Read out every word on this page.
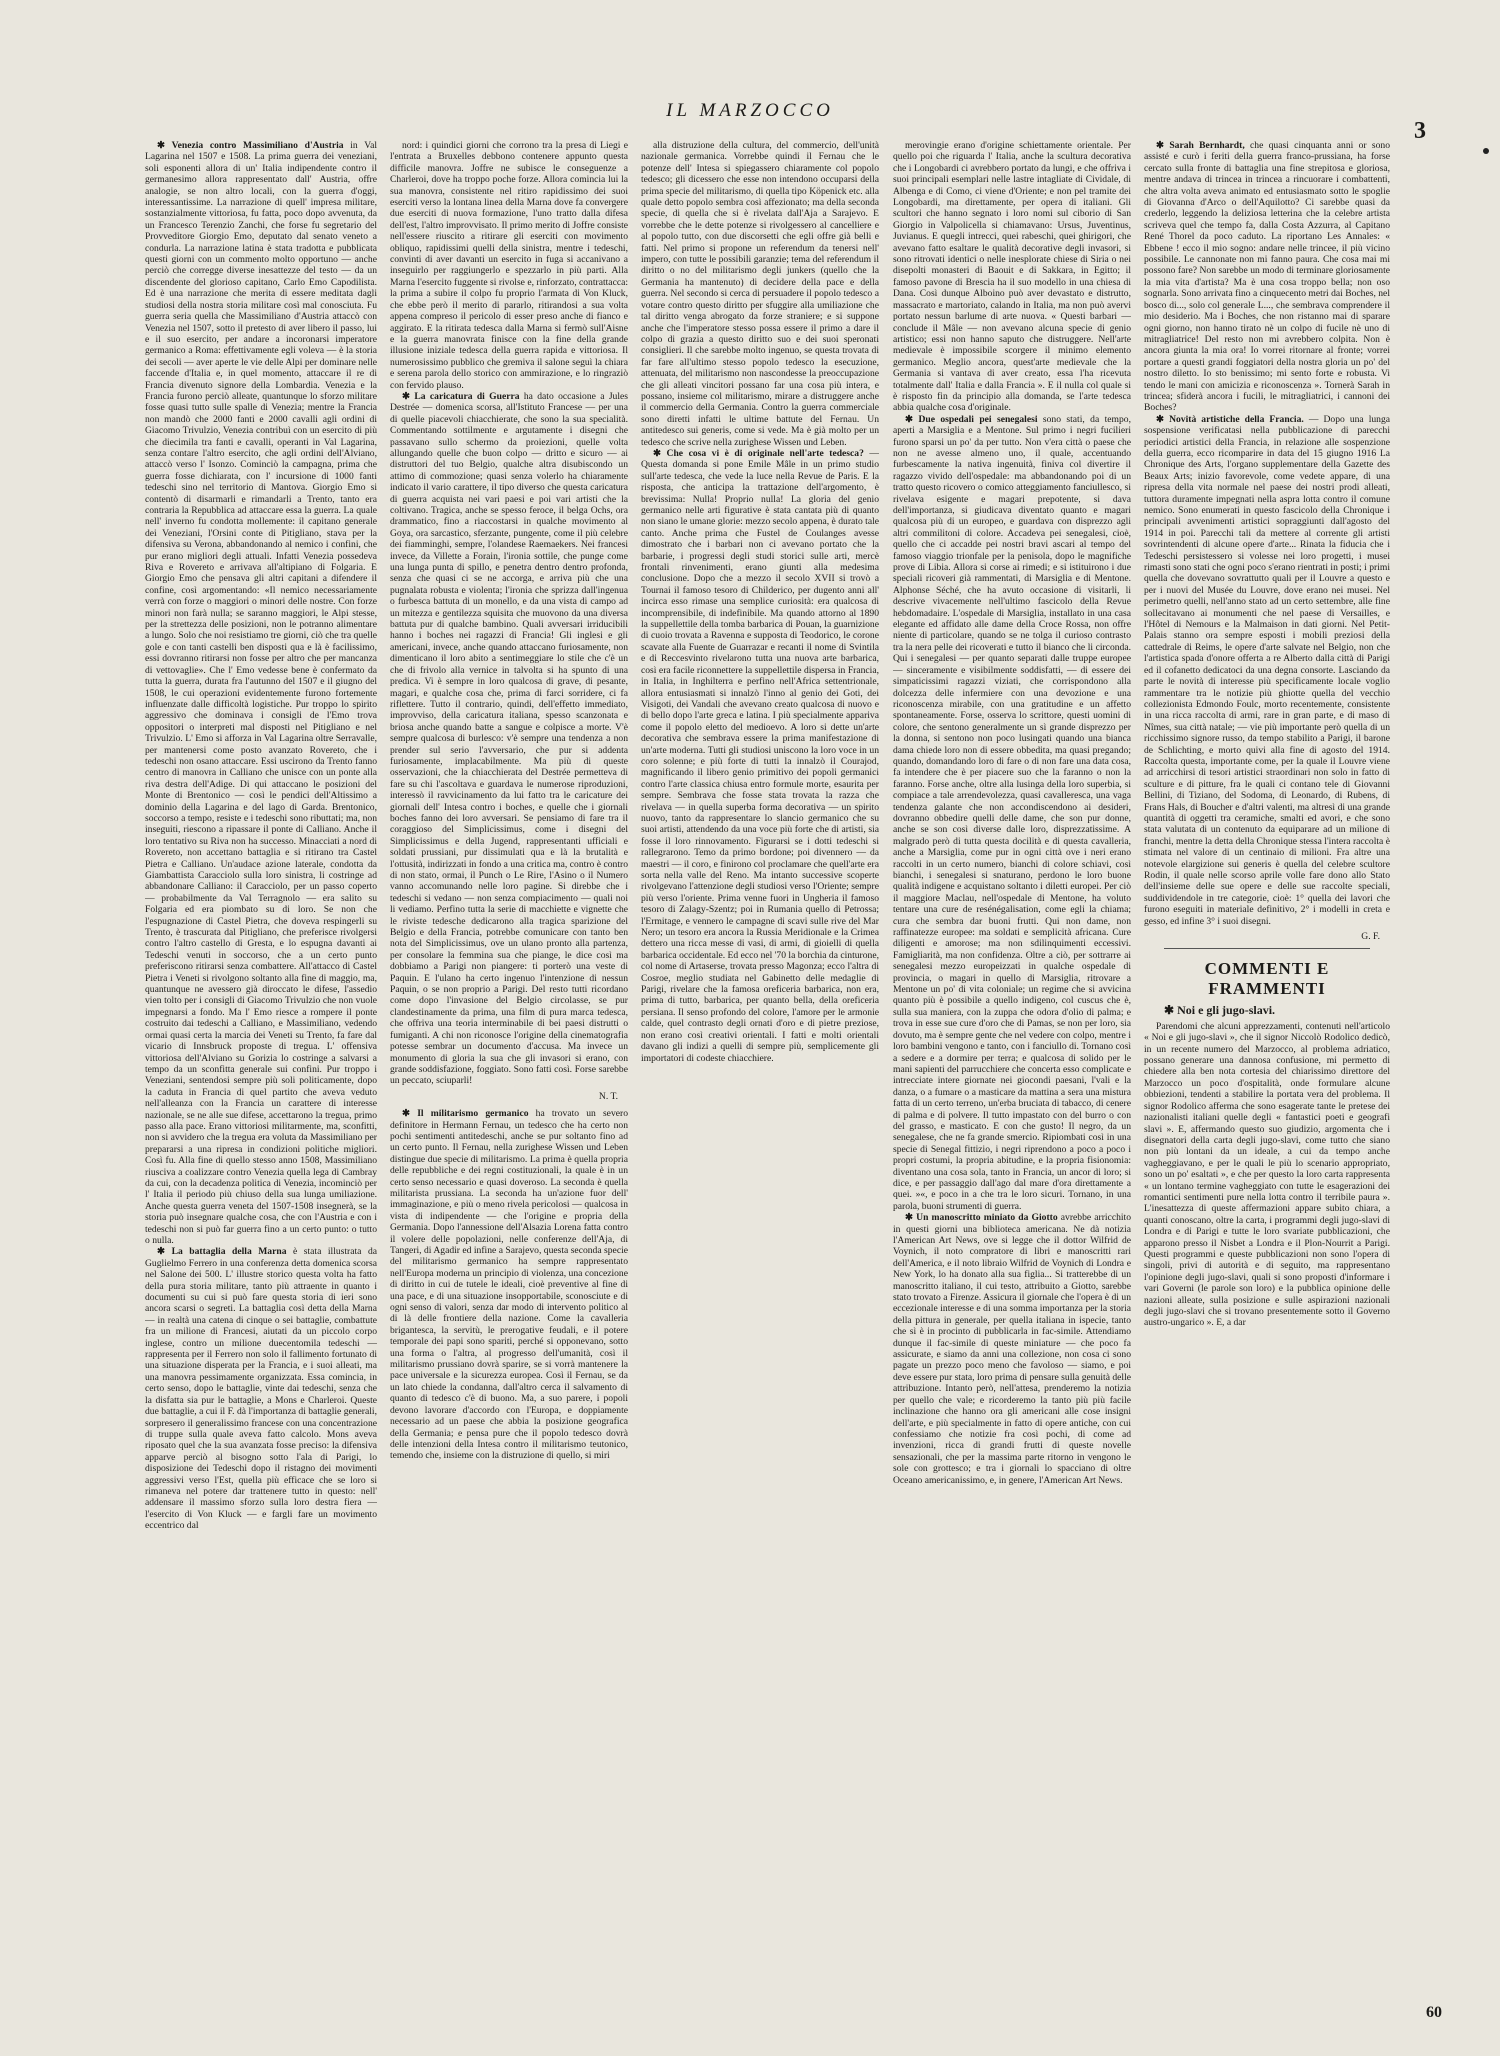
IL MARZOCCO
3

✱ Venezia contro Massimiliano d'Austria in Val Lagarina nel 1507 e 1508. La prima guerra dei veneziani, soli esponenti allora di un' Italia indipendente contro il germanesimo allora rappresentato dall' Austria, offre analogie, se non altro locali, con la guerra d'oggi, interessantissime. La narrazione di quell' impresa militare, sostanzialmente vittoriosa, fu fatta, poco dopo avvenuta, da un Francesco Terenzio Zanchi, che forse fu segretario del Provveditore Giorgio Emo, deputato dal senato veneto a condurla. La narrazione latina è stata tradotta e pubblicata questi giorni con un commento molto opportuno — anche perciò che corregge diverse inesattezze del testo — da un discendente del glorioso capitano, Carlo Emo Capodilista. Ed è una narrazione che merita di essere meditata dagli studiosi della nostra storia militare così mal conosciuta. Fu guerra seria quella che Massimiliano d'Austria attaccò con Venezia nel 1507, sotto il pretesto di aver libero il passo, lui e il suo esercito, per andare a incoronarsi imperatore germanico a Roma: effettivamente egli voleva — è la storia dei secoli — aver aperte le vie delle Alpi per dominare nelle faccende d'Italia e, in quel momento, attaccare il re di Francia divenuto signore della Lombardia. Venezia e la Francia furono perciò alleate, quantunque lo sforzo militare fosse quasi tutto sulle spalle di Venezia; mentre la Francia non mandò che 2000 fanti e 2000 cavalli agli ordini di Giacomo Trivulzio, Venezia contribuì con un esercito di più che diecimila tra fanti e cavalli, operanti in Val Lagarina, senza contare l'altro esercito, che agli ordini dell'Alviano, attaccò verso l' Isonzo. Cominciò la campagna, prima che guerra fosse dichiarata, con l' incursione di 1000 fanti tedeschi sino nel territorio di Mantova. Giorgio Emo si contentò di disarmarli e rimandarli a Trento, tanto era contraria la Repubblica ad attaccare essa la guerra. La quale nell' inverno fu condotta mollemente: il capitano generale dei Veneziani, l'Orsini conte di Pitigliano, stava per la difensiva su Verona, abbandonando al nemico i confini, che pur erano migliori degli attuali. Infatti Venezia possedeva Riva e Rovereto e arrivava all'altipiano di Folgaria. E Giorgio Emo che pensava gli altri capitani a difendere il confine, così argomentando: «Il nemico necessariamente verrà con forze o maggiori o minori delle nostre. Con forze minori non farà nulla; se saranno maggiori, le Alpi stesse, per la strettezza delle posizioni, non le potranno alimentare a lungo. Solo che noi resistiamo tre giorni, ciò che tra quelle gole e con tanti castelli ben disposti qua e là è facilissimo, essi dovranno ritirarsi non fosse per altro che per mancanza di vettovaglie». Che l' Emo vedesse bene è confermato da tutta la guerra, durata fra l'autunno del 1507 e il giugno del 1508, le cui operazioni evidentemente furono fortemente influenzate dalle difficoltà logistiche. Pur troppo lo spirito aggressivo che dominava i consigli de l'Emo trova oppositori o interpreti mal disposti nel Pitigliano e nel Trivulzio. L' Emo si afforza in Val Lagarina oltre Serravalle, per mantenersi come posto avanzato Rovereto, che i tedeschi non osano attaccare. Essi uscirono da Trento fanno centro di manovra in Calliano che unisce con un ponte alla riva destra dell'Adige. Di qui attaccano le posizioni del Monte di Brentonico — così le pendici dell'Altissimo a dominio della Lagarina e del lago di Garda. Brentonico, soccorso a tempo, resiste e i tedeschi sono ributtati; ma, non inseguiti, riescono a ripassare il ponte di Calliano. Anche il loro tentativo su Riva non ha successo. Minacciati a nord di Rovereto, non accettano battaglia e si ritirano tra Castel Pietra e Calliano. Un'audace azione laterale, condotta da Giambattista Caracciolo sulla loro sinistra, li costringe ad abbandonare Calliano: il Caracciolo, per un passo coperto — probabilmente da Val Terragnolo — era salito su Folgaria ed era piombato su di loro. Se non che l'espugnazione di Castel Pietra, che doveva respingerli su Trento, è trascurata dal Pitigliano, che preferisce rivolgersi contro l'altro castello di Gresta, e lo espugna davanti ai Tedeschi venuti in soccorso, che a un certo punto preferiscono ritirarsi senza combattere. All'attacco di Castel Pietra i Veneti si rivolgono soltanto alla fine di maggio, ma, quantunque ne avessero già diroccato le difese, l'assedio vien tolto per i consigli di Giacomo Trivulzio che non vuole impegnarsi a fondo. Ma l' Emo riesce a rompere il ponte costruito dai tedeschi a Calliano, e Massimiliano, vedendo ormai quasi certa la marcia dei Veneti su Trento, fa fare dal vicario di Innsbruck proposte di tregua. L' offensiva vittoriosa dell'Alviano su Gorizia lo costringe a salvarsi a tempo da un sconfitta generale sui confini. Pur troppo i Veneziani, sentendosi sempre più soli politicamente, dopo la caduta in Francia di quel partito che aveva veduto nell'alleanza con la Francia un carattere di interesse nazionale, se ne alle sue difese, accettarono la tregua, primo passo alla pace. Erano vittoriosi militarmente, ma, sconfitti, non si avvidero che la tregua era voluta da Massimiliano per prepararsi a una ripresa in condizioni politiche migliori. Così fu. Alla fine di quello stesso anno 1508, Massimiliano riusciva a coalizzare contro Venezia quella lega di Cambray da cui, con la decadenza politica di Venezia, incominciò per l' Italia il periodo più chiuso della sua lunga umiliazione. Anche questa guerra veneta del 1507-1508 insegnerà, se la storia può insegnare qualche cosa, che con l'Austria e con i tedeschi non si può far guerra fino a un certo punto: o tutto o nulla.

✱ La battaglia della Marna è stata illustrata da Guglielmo Ferrero in una conferenza detta domenica scorsa nel Salone dei 500. L' illustre storico questa volta ha fatto della pura storia militare, tanto più attraente in quanto i documenti su cui si può fare questa storia di ieri sono ancora scarsi o segreti. La battaglia così detta della Marna — in realtà una catena di cinque o sei battaglie, combattute fra un milione di Francesi, aiutati da un piccolo corpo inglese, contro un milione duecentomila tedeschi — rappresenta per il Ferrero non solo il fallimento fortunato di una situazione disperata per la Francia, e i suoi alleati, ma una manovra pessimamente organizzata. Essa comincia, in certo senso, dopo le battaglie, vinte dai tedeschi, senza che la disfatta sia pur le battaglie, a Mons e Charleroi. Queste due battaglie, a cui il F. dà l'importanza di battaglie generali, sorpresero il generalissimo francese con una concentrazione di truppe sulla quale aveva fatto calcolo. Mons aveva riposato quel che la sua avanzata fosse preciso: la difensiva apparve perciò al bisogno sotto l'ala di Parigi, lo disposizione dei Tedeschi dopo il ristagno dei movimenti aggressivi verso l'Est, quella più efficace che se loro si rimaneva nel potere dar trattenere tutto in questo: nell' addensare il massimo sforzo sulla loro destra fiera — l'esercito di Von Kluck — e fargli fare un movimento eccentrico dal

nord: i quindici giorni che corrono tra la presa di Liegi e l'entrata a Bruxelles debbono contenere appunto questa difficile manovra. Joffre ne subisce le conseguenze a Charleroi, dove ha troppo poche forze. Allora comincia lui la sua manovra, consistente nel ritiro rapidissimo dei suoi eserciti verso la lontana linea della Marna dove fa convergere due eserciti di nuova formazione, l'uno tratto dalla difesa dell'est, l'altro improvvisato. Il primo merito di Joffre consiste nell'essere riuscito a ritirare gli eserciti con movimento obliquo, rapidissimi quelli della sinistra, mentre i tedeschi, convinti di aver davanti un esercito in fuga si accanivano a inseguirlo per raggiungerlo e spezzarlo in più parti. Alla Marna l'esercito fuggente si rivolse e, rinforzato, contrattacca: la prima a subire il colpo fu proprio l'armata di Von Kluck, che ebbe però il merito di pararlo, ritirandosi a sua volta appena compreso il pericolo di esser preso anche di fianco e aggirato. E la ritirata tedesca dalla Marna si fermò sull'Aisne e la guerra manovrata finisce con la fine della grande illusione iniziale tedesca della guerra rapida e vittoriosa. Il numerosissimo pubblico che gremiva il salone seguì la chiara e serena parola dello storico con ammirazione, e lo ringraziò con fervido plauso.

✱ La caricatura di Guerra ha dato occasione a Jules Destrée — domenica scorsa, all'Istituto Francese — per una di quelle piacevoli chiacchierate, che sono la sua specialità. Commentando sottilmente e argutamente i disegni che passavano sullo schermo da proiezioni, quelle volta allungando quelle che buon colpo — dritto e sicuro — ai distruttori del tuo Belgio, qualche altra disubiscondo un attimo di commozione; quasi senza volerlo ha chiaramente indicato il vario carattere, il tipo diverso che questa caricatura di guerra acquista nei vari paesi e poi vari artisti che la coltivano. Tragica, anche se spesso feroce, il belga Ochs, ora drammatico, fino a riaccostarsi in qualche movimento al Goya, ora sarcastico, sferzante, pungente, come il più celebre dei fiamminghi, sempre, l'olandese Raemaekers. Nei francesi invece, da Villette a Forain, l'ironia sottile, che punge come una lunga punta di spillo, e penetra dentro dentro profonda, senza che quasi ci se ne accorga, e arriva più che una pugnalata robusta e violenta; l'ironia che sprizza dall'ingenua o furbesca battuta di un monello, e da una vista di campo ad un mitezza e gentilezza squisita che muovono da una diversa battuta pur di qualche bambino. Quali avversari irriducibili hanno i boches nei ragazzi di Francia! Gli inglesi e gli americani, invece, anche quando attaccano furiosamente, non dimenticano il loro abito a sentimeggiare lo stile che c'è un che di frivolo alla vernice in talvolta si ha spunto di una predica. Vi è sempre in loro qualcosa di grave, di pesante, magari, e qualche cosa che, prima di farci sorridere, ci fa riflettere. Tutto il contrario, quindi, dell'effetto immediato, improvviso, della caricatura italiana, spesso scanzonata e briosa anche quando batte a sangue e colpisce a morte. V'è sempre qualcosa di burlesco: v'è sempre una tendenza a non prender sul serio l'avversario, che pur si addenta furiosamente, implacabilmente. Ma più di queste osservazioni, che la chiacchierata del Destrée permetteva di fare su chi l'ascoltava e guardava le numerose riproduzioni, interessò il ravvicinamento da lui fatto tra le caricature dei giornali dell' Intesa contro i boches, e quelle che i giornali boches fanno dei loro avversari. Se pensiamo di fare tra il coraggioso del Simplicissimus, come i disegni del Simplicissimus e della Jugend, rappresentanti ufficiali e soldati prussiani, pur dissimulati qua e là la brutalità e l'ottusità, indirizzati in fondo a una critica ma, contro è contro di non stato, ormai, il Punch o Le Rire, l'Asino o il Numero vanno accomunando nelle loro pagine. Si direbbe che i tedeschi si vedano — non senza compiacimento — quali noi li vediamo. Perfino tutta la serie di macchiette e vignette che le riviste tedesche dedicarono alla tragica sparizione del Belgio e della Francia, potrebbe comunicare con tanto ben nota del Simplicissimus, ove un ulano pronto alla partenza, per consolare la femmina sua che piange, le dice così ma dobbiamo a Parigi non piangere: ti porterò una veste di Paquin. E l'ulano ha certo ingenuo l'intenzione di nessun Paquin, o se non proprio a Parigi. Del resto tutti ricordano come dopo l'invasione del Belgio circolasse, se pur clandestinamente da prima, una film di pura marca tedesca, che offriva una teoria interminabile di bei paesi distrutti o fumiganti. A chi non riconosce l'origine della cinematografia potesse sembrar un documento d'accusa. Ma invece un monumento di gloria la sua che gli invasori si erano, con grande soddisfazione, foggiato. Sono fatti così. Forse sarebbe un peccato, sciuparli!

N. T.

✱ Il militarismo germanico ha trovato un severo definitore in Hermann Fernau, un tedesco che ha certo non pochi sentimenti antitedeschi, anche se pur soltanto fino ad un certo punto. Il Fernau, nella zurighese Wissen und Leben distingue due specie di militarismo. La prima è quella propria delle repubbliche e dei regni costituzionali, la quale è in un certo senso necessario e quasi doveroso. La seconda è quella militarista prussiana. La seconda ha un'azione fuor dell' immaginazione, e più o meno rivela pericolosi — qualcosa in vista di indipendente — che l'origine e propria della Germania. Dopo l'annessione dell'Alsazia Lorena fatta contro il volere delle popolazioni, nelle conferenze dell'Aja, di Tangeri, di Agadir ed infine a Sarajevo, questa seconda specie del militarismo germanico ha sempre rappresentato nell'Europa moderna un principio di violenza, una concezione di diritto in cui de tutele le ideali, cioè preventive al fine di una pace, e di una situazione insopportabile, sconosciute e di ogni senso di valori, senza dar modo di intervento politico al di là delle frontiere della nazione. Come la cavalleria brigantesca, la servitù, le prerogative feudali, e il potere temporale dei papi sono spariti, perché si opponevano, sotto una forma o l'altra, al progresso dell'umanità, così il militarismo prussiano dovrà sparire, se si vorrà mantenere la pace universale e la sicurezza europea. Così il Fernau, se da un lato chiede la condanna, dall'altro cerca il salvamento di quanto di tedesco c'è di buono. Ma, a suo parere, i popoli devono lavorare d'accordo con l'Europa, e doppiamente necessario ad un paese che abbia la posizione geografica della Germania; e pensa pure che il popolo tedesco dovrà delle intenzioni della Intesa contro il militarismo teutonico, temendo che, insieme con la distruzione di quello, si miri

alla distruzione della cultura, del commercio, dell'unità nazionale germanica. Vorrebbe quindi il Fernau che le potenze dell' Intesa si spiegassero chiaramente col popolo tedesco; gli dicessero che esse non intendono occuparsi della prima specie del militarismo, di quella tipo Köpenick etc. alla quale detto popolo sembra così affezionato; ma della seconda specie, di quella che si è rivelata dall'Aja a Sarajevo. E vorrebbe che le dette potenze si rivolgessero al cancelliere e al popolo tutto, con due discorsetti che egli offre già belli e fatti. Nel primo si propone un referendum da tenersi nell' impero, con tutte le possibili garanzie; tema del referendum il diritto o no del militarismo degli junkers (quello che la Germania ha mantenuto) di decidere della pace e della guerra. Nel secondo si cerca di persuadere il popolo tedesco a votare contro questo diritto per sfuggire alla umiliazione che tal diritto venga abrogato da forze straniere; e si suppone anche che l'imperatore stesso possa essere il primo a dare il colpo di grazia a questo diritto suo e dei suoi speronati consiglieri. Il che sarebbe molto ingenuo, se questa trovata di far fare all'ultimo stesso popolo tedesco la esecuzione, attenuata, del militarismo non nascondesse la preoccupazione che gli alleati vincitori possano far una cosa più intera, e possano, insieme col militarismo, mirare a distruggere anche il commercio della Germania. Contro la guerra commerciale sono diretti infatti le ultime battute del Fernau. Un antitedesco sui generis, come si vede. Ma è già molto per un tedesco che scrive nella zurighese Wissen und Leben.

✱ Che cosa vi è di originale nell'arte tedesca? — Questa domanda si pone Emile Mâle in un primo studio sull'arte tedesca, che vede la luce nella Revue de Paris. E la risposta, che anticipa la trattazione dell'argomento, è brevissima: Nulla! Proprio nulla! La gloria del genio germanico nelle arti figurative è stata cantata più di quanto non siano le umane glorie: mezzo secolo appena, è durato tale canto. Anche prima che Fustel de Coulanges avesse dimostrato che i barbari non ci avevano portato che la barbarie, i progressi degli studi storici sulle arti, mercè frontali rinvenimenti, erano giunti alla medesima conclusione. Dopo che a mezzo il secolo XVII si trovò a Tournai il famoso tesoro di Childerico, per dugento anni all' incirca esso rimase una semplice curiosità: era qualcosa di incomprensibile, di indefinibile. Ma quando attorno al 1890 la suppellettile della tomba barbarica di Pouan, la guarnizione di cuoio trovata a Ravenna e supposta di Teodorico, le corone scavate alla Fuente de Guarrazar e recanti il nome di Svintila e di Reccesvinto rivelarono tutta una nuova arte barbarica, così era facile riconnettere la suppellettile dispersa in Francia, in Italia, in Inghilterra e perfino nell'Africa settentrionale, allora entusiasmati si innalzò l'inno al genio dei Goti, dei Visigoti, dei Vandali che avevano creato qualcosa di nuovo e di bello dopo l'arte greca e latina. I più specialmente appariva come il popolo eletto del medioevo. A loro si dette un'arte decorativa che sembrava essere la prima manifestazione di un'arte moderna. Tutti gli studiosi uniscono la loro voce in un coro solenne; e più forte di tutti la innalzò il Courajod, magnificando il libero genio primitivo dei popoli germanici contro l'arte classica chiusa entro formule morte, esaurita per sempre. Sembrava che fosse stata trovata la razza che rivelava — in quella superba forma decorativa — un spirito nuovo, tanto da rappresentare lo slancio germanico che su suoi artisti, attendendo da una voce più forte che di artisti, sia fosse il loro rinnovamento. Figurarsi se i dotti tedeschi si rallegrarono. Temo da primo bordone; poi divennero — da maestri — il coro, e finirono col proclamare che quell'arte era sorta nella valle del Reno. Ma intanto successive scoperte rivolgevano l'attenzione degli studiosi verso l'Oriente; sempre più verso l'oriente. Prima venne fuori in Ungheria il famoso tesoro di Zalagy-Szentz; poi in Rumania quello di Petrossa; l'Ermitage, e vennero le campagne di scavi sulle rive del Mar Nero; un tesoro era ancora la Russia Meridionale e la Crimea dettero una ricca messe di vasi, di armi, di gioielli di quella barbarica occidentale. Ed ecco nel '70 la borchia da cinturone, col nome di Artaserse, trovata presso Magonza; ecco l'altra di Cosroe, meglio studiata nel Gabinetto delle medaglie di Parigi, rivelare che la famosa oreficeria barbarica, non era, prima di tutto, barbarica, per quanto bella, della oreficeria persiana. Il senso profondo del colore, l'amore per le armonie calde, quel contrasto degli ornati d'oro e di pietre preziose, non erano così creativi orientali. I fatti e molti orientali davano gli indizi a quelli di sempre più, semplicemente gli importatori di codeste chiacchiere.

merovingie erano d'origine schiettamente orientale. Per quello poi che riguarda l' Italia, anche la scultura decorativa che i Longobardi ci avrebbero portato da lungi, e che offriva i suoi principali esemplari nelle lastre intagliate di Cividale, di Albenga e di Como, ci viene d'Oriente; e non pel tramite dei Longobardi, ma direttamente, per opera di italiani. Gli scultori che hanno segnato i loro nomi sul ciborio di San Giorgio in Valpolicella si chiamavano: Ursus, Juventinus, Juvianus. E quegli intrecci, quei rabeschi, quei ghirigori, che avevano fatto esaltare le qualità decorative degli invasori, si sono ritrovati identici o nelle inesplorate chiese di Siria o nei disepolti monasteri di Baouit e di Sakkara, in Egitto; il famoso pavone di Brescia ha il suo modello in una chiesa di Dana. Così dunque Alboino può aver devastato e distrutto, massacrato e martoriato, calando in Italia, ma non può avervi portato nessun barlume di arte nuova. « Questi barbari — conclude il Mâle — non avevano alcuna specie di genio artistico; essi non hanno saputo che distruggere. Nell'arte medievale è impossibile scorgere il minimo elemento germanico. Meglio ancora, quest'arte medievale che la Germania si vantava di aver creato, essa l'ha ricevuta totalmente dall' Italia e dalla Francia ». E il nulla col quale si è risposto fin da principio alla domanda, se l'arte tedesca abbia qualche cosa d'originale.

✱ Due ospedali pei senegalesi sono stati, da tempo, aperti a Marsiglia e a Mentone. Sul primo i negri fucilieri furono sparsi un po' da per tutto. Non v'era città o paese che non ne avesse almeno uno, il quale, accentuando furbescamente la nativa ingenuità, finiva col divertire il ragazzo vivido dell'ospedale: ma abbandonando poi di un tratto questo ricovero o comico atteggiamento fanciullesco, si rivelava esigente e magari prepotente, si dava dell'importanza, si giudicava diventato quanto e magari qualcosa più di un europeo, e guardava con disprezzo agli altri commilitoni di colore. Accadeva pei senegalesi, cioè, quello che ci accadde pei nostri bravi ascari al tempo del famoso viaggio trionfale per la penisola, dopo le magnifiche prove di Libia. Allora si corse ai rimedi; e si istituirono i due speciali ricoveri già rammentati, di Marsiglia e di Mentone. Alphonse Séché, che ha avuto occasione di visitarli, li descrive vivacemente nell'ultimo fascicolo della Revue hebdomadaire. L'ospedale di Marsiglia, installato in una casa elegante ed affidato alle dame della Croce Rossa, non offre niente di particolare, quando se ne tolga il curioso contrasto tra la nera pelle dei ricoverati e tutto il bianco che li circonda. Qui i senegalesi — per quanto separati dalle truppe europee — sinceramente e visibilmente soddisfatti, — di essere dei simpaticissimi ragazzi viziati, che corrispondono alla dolcezza delle infermiere con una devozione e una riconoscenza mirabile, con una gratitudine e un affetto spontaneamente. Forse, osserva lo scrittore, questi uomini di colore, che sentono generalmente un sì grande disprezzo per la donna, si sentono non poco lusingati quando una bianca dama chiede loro non di essere obbedita, ma quasi pregando; quando, domandando loro di fare o di non fare una data cosa, fa intendere che è per piacere suo che la faranno o non la faranno. Forse anche, oltre alla lusinga della loro superbia, si compiace a tale arrendevolezza, quasi cavalleresca, una vaga tendenza galante che non accondiscendono ai desideri, dovranno obbedire quelli delle dame, che son pur donne, anche se son così diverse dalle loro, disprezzatissime. A malgrado però di tutta questa docilità e di questa cavalleria, anche a Marsiglia, come pur in ogni città ove i neri erano raccolti in un certo numero, bianchi di colore schiavi, così bianchi, i senegalesi si snaturano, perdono le loro buone qualità indigene e acquistano soltanto i diletti europei. Per ciò il maggiore Maclau, nell'ospedale di Mentone, ha voluto tentare una cure de resénégalisation, come egli la chiama; cura che sembra dar buoni frutti. Qui non dame, non raffinatezze europee: ma soldati e semplicità africana. Cure diligenti e amorose; ma non sdilinquimenti eccessivi. Famigliarità, ma non confidenza. Oltre a ciò, per sottrarre ai senegalesi mezzo europeizzati in qualche ospedale di provincia, o magari in quello di Marsiglia, ritrovare a Mentone un po' di vita coloniale; un regime che si avvicina quanto più è possibile a quello indigeno, col cuscus che è, sulla sua maniera, con la zuppa che odora d'olio di palma; e trova in esse sue cure d'oro che di Pamas, se non per loro, sia dovuto, ma è sempre gente che nel vedere con colpo, mentre i loro bambini vengono e tanto, con i fanciullo di. Tornano così a sedere e a dormire per terra; e qualcosa di solido per le mani sapienti del parrucchiere che concerta esso complicate e intrecciate intere giornate nei giocondi paesani, l'vali e la danza, o a fumare o a masticare da mattina a sera una mistura fatta di un certo terreno, un'erba bruciata di tabacco, di cenere di palma e di polvere. Il tutto impastato con del burro o con del grasso, e masticato. E con che gusto! Il negro, da un senegalese, che ne fa grande smercio. Ripiombati così in una specie di Senegal fittizio, i negri riprendono a poco a poco i propri costumi, la propria abitudine, e la propria fisionomia: diventano una cosa sola, tanto in Francia, un ancor di loro; si dice, e per passaggio dall'ago dal mare d'ora direttamente a quei. »«, e poco in a che tra le loro sicuri. Tornano, in una parola, buoni strumenti di guerra.

✱ Un manoscritto miniato da Giotto avrebbe arricchito in questi giorni una biblioteca americana. Ne dà notizia l'American Art News, ove si legge che il dottor Wilfrid de Voynich, il noto compratore di libri e manoscritti rari dell'America, e il noto libraio Wilfrid de Voynich di Londra e New York, lo ha donato alla sua figlia... Si tratterebbe di un manoscritto italiano, il cui testo, attribuito a Giotto, sarebbe stato trovato a Firenze. Assicura il giornale che l'opera è di un eccezionale interesse e di una somma importanza per la storia della pittura in generale, per quella italiana in ispecie, tanto che sì è in procinto di pubblicarla in fac-simile. Attendiamo dunque il fac-simile di queste miniature — che poco fa assicurate, e siamo da anni una collezione, non cosa ci sono pagate un prezzo poco meno che favoloso — siamo, e poi deve essere pur stata, loro prima di pensare sulla genuità delle attribuzione. Intanto però, nell'attesa, prenderemo la notizia per quello che vale; e ricorderemo la tanto più più facile inclinazione che hanno ora gli americani alle cose insigni dell'arte, e più specialmente in fatto di opere antiche, con cui confessiamo che notizie fra così pochi, di come ad invenzioni, ricca di grandi frutti di queste novelle sensazionali, che per la massima parte ritorno in vengono le sole con grottesco; e tra i giornali lo spacciano di oltre Oceano americanissimo, e, in genere, l'American Art News.

✱ Sarah Bernhardt, che quasi cinquanta anni or sono assisté e curò i feriti della guerra franco-prussiana, ha forse cercato sulla fronte di battaglia una fine strepitosa e gloriosa, mentre andava di trincea in trincea a rincuorare i combattenti, che altra volta aveva animato ed entusiasmato sotto le spoglie di Giovanna d'Arco o dell'Aquilotto? Ci sarebbe quasi da crederlo, leggendo la deliziosa letterina che la celebre artista scriveva quel che tempo fa, dalla Costa Azzurra, al Capitano René Thorel da poco caduto. La riportano Les Annales: « Ebbene ! ecco il mio sogno: andare nelle trincee, il più vicino possibile. Le cannonate non mi fanno paura. Che cosa mai mi possono fare? Non sarebbe un modo di terminare gloriosamente la mia vita d'artista? Ma è una cosa troppo bella; non oso sognarla. Sono arrivata fino a cinquecento metri dai Boches, nel bosco di..., solo col generale L..., che sembrava comprendere il mio desiderio. Ma i Boches, che non ristanno mai di sparare ogni giorno, non hanno tirato nè un colpo di fucile nè uno di mitragliatrice! Del resto non mi avrebbero colpita. Non è ancora giunta la mia ora! Io vorrei ritornare al fronte; vorrei portare a questi grandi foggiatori della nostra gloria un po' del nostro diletto. Io sto benissimo; mi sento forte e robusta. Vi tendo le mani con amicizia e riconoscenza ». Tornerà Sarah in trincea; sfiderà ancora i fucili, le mitragliatrici, i cannoni dei Boches?

✱ Novità artistiche della Francia. — Dopo una lunga sospensione verificatasi nella pubblicazione di parecchi periodici artistici della Francia, in relazione alle sospenzione della guerra, ecco ricomparire in data del 15 giugno 1916 La Chronique des Arts, l'organo supplementare della Gazette des Beaux Arts; inizio favorevole, come vedete appare, di una ripresa della vita normale nel paese dei nostri prodi alleati, tuttora duramente impegnati nella aspra lotta contro il comune nemico. Sono enumerati in questo fascicolo della Chronique i principali avvenimenti artistici sopraggiunti dall'agosto del 1914 in poi. Parecchi tali da mettere al corrente gli artisti sovrintendenti di alcune opere d'arte... Rinata la fiducia che i Tedeschi persistessero si volesse nei loro progetti, i musei rimasti sono stati che ogni poco s'erano rientrati in posti; i primi quella che dovevano sovrattutto quali per il Louvre a questo e per i nuovi del Musée du Louvre, dove erano nei musei. Nel perimetro quelli, nell'anno stato ad un certo settembre, alle fine sollecitavano ai monumenti che nel paese di Versailles, e l'Hôtel di Nemours e la Malmaison in dati giorni. Nel Petit-Palais stanno ora sempre esposti i mobili preziosi della cattedrale di Reims, le opere d'arte salvate nel Belgio, non che l'artistica spada d'onore offerta a re Alberto dalla città di Parigi ed il cofanetto dedicatoci da una degna consorte. Lasciando da parte le novità di interesse più specificamente locale voglio rammentare tra le notizie più ghiotte quella del vecchio collezionista Edmondo Foulc, morto recentemente, consistente in una ricca raccolta di armi, rare in gran parte, e di maso di Nîmes, sua città natale; — vie più importante però quella di un ricchissimo signore russo, da tempo stabilito a Parigi, il barone de Schlichting, e morto quivi alla fine di agosto del 1914. Raccolta questa, importante come, per la quale il Louvre viene ad arricchirsi di tesori artistici straordinari non solo in fatto di sculture e di pitture, fra le quali ci contano tele di Giovanni Bellini, di Tiziano, del Sodoma, di Leonardo, di Rubens, di Frans Hals, di Boucher e d'altri valenti, ma altresì di una grande quantità di oggetti tra ceramiche, smalti ed avori, e che sono stata valutata di un contenuto da equiparare ad un milione di franchi, mentre la detta della Chronique stessa l'intera raccolta è stimata nel valore di un centinaio di milioni. Fra altre una notevole elargizione sui generis è quella del celebre scultore Rodin, il quale nelle scorso aprile volle fare dono allo Stato dell'insieme delle sue opere e delle sue raccolte speciali, suddividendole in tre categorie, cioè: 1° quella dei lavori che furono eseguiti in materiale definitivo, 2° i modelli in creta e gesso, ed infine 3° i suoi disegni.

G. F.
COMMENTI E FRAMMENTI
✱ Noi e gli jugo-slavi.

Parendomi che alcuni apprezzamenti, contenuti nell'articolo « Noi e gli jugo-slavi », che il signor Niccolò Rodolico dedicò, in un recente numero del Marzocco, al problema adriatico, possano generare una dannosa confusione, mi permetto di chiedere alla ben nota cortesia del chiarissimo direttore del Marzocco un poco d'ospitalità, onde formulare alcune obbiezioni, tendenti a stabilire la portata vera del problema. Il signor Rodolico afferma che sono esagerate tante le pretese dei nazionalisti italiani quelle degli « fantastici poeti e geografi slavi ». E, affermando questo suo giudizio, argomenta che i disegnatori della carta degli jugo-slavi, come tutto che siano non più lontani da un ideale, a cui da tempo anche vagheggiavano, e per le quali le più lo scenario appropriato, sono un po' esaltati », e che per questo la loro carta rappresenta « un lontano termine vagheggiato con tutte le esagerazioni dei romantici sentimenti pure nella lotta contro il terribile paura ». L'inesattezza di queste affermazioni appare subito chiara, a quanti conoscano, oltre la carta, i programmi degli jugo-slavi di Londra e di Parigi e tutte le loro svariate pubblicazioni, che apparono presso il Nisbet a Londra e il Plon-Nourrit a Parigi. Questi programmi e queste pubblicazioni non sono l'opera di singoli, privi di autorità e di seguito, ma rappresentano l'opinione degli jugo-slavi, quali si sono proposti d'informare i vari Governi (le parole son loro) e la pubblica opinione delle nazioni alleate, sulla posizione e sulle aspirazioni nazionali degli jugo-slavi che si trovano presentemente sotto il Governo austro-ungarico ». E, a dar

60
